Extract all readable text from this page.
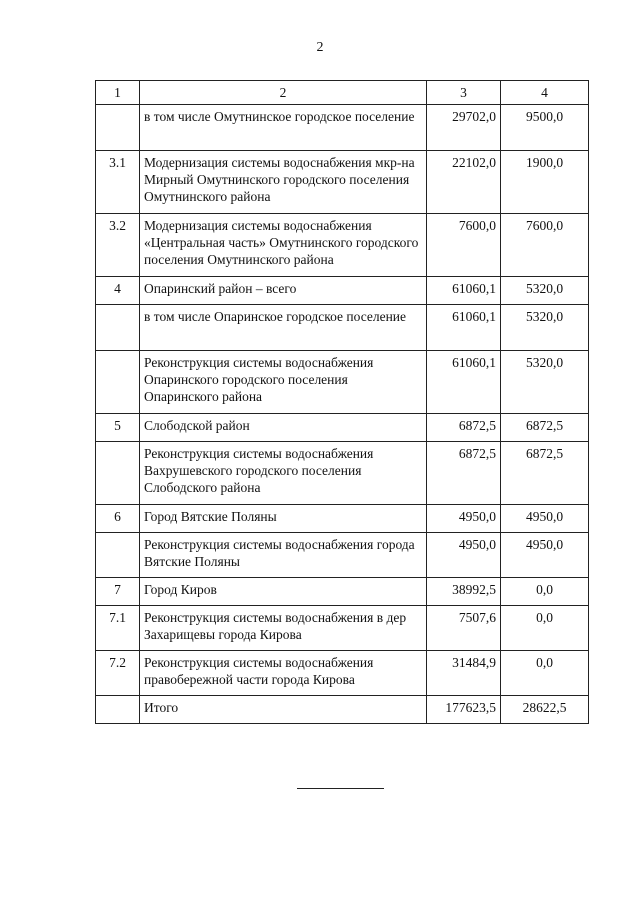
2
1	2	3	4
	в том числе Омутнинское городское поселение	29702,0	9500,0
3.1	Модернизация системы водоснабжения мкр-на Мирный Омутнинского городского поселения Омутнинского района	22102,0	1900,0
3.2	Модернизация системы водоснабжения «Центральная часть» Омутнинского городского поселения Омутнинского района	7600,0	7600,0
4	Опаринский район – всего	61060,1	5320,0
	в том числе Опаринское городское поселение	61060,1	5320,0
	Реконструкция системы водоснабжения Опаринского городского поселения Опаринского района	61060,1	5320,0
5	Слободской район	6872,5	6872,5
	Реконструкция системы водоснабжения Вахрушевского городского поселения Слободского района	6872,5	6872,5
6	Город Вятские Поляны	4950,0	4950,0
	Реконструкция системы водоснабжения города Вятские Поляны	4950,0	4950,0
7	Город Киров	38992,5	0,0
7.1	Реконструкция системы водоснабжения в дер Захарищевы города Кирова	7507,6	0,0
7.2	Реконструкция системы водоснабжения правобережной части города Кирова	31484,9	0,0
	Итого	177623,5	28622,5
